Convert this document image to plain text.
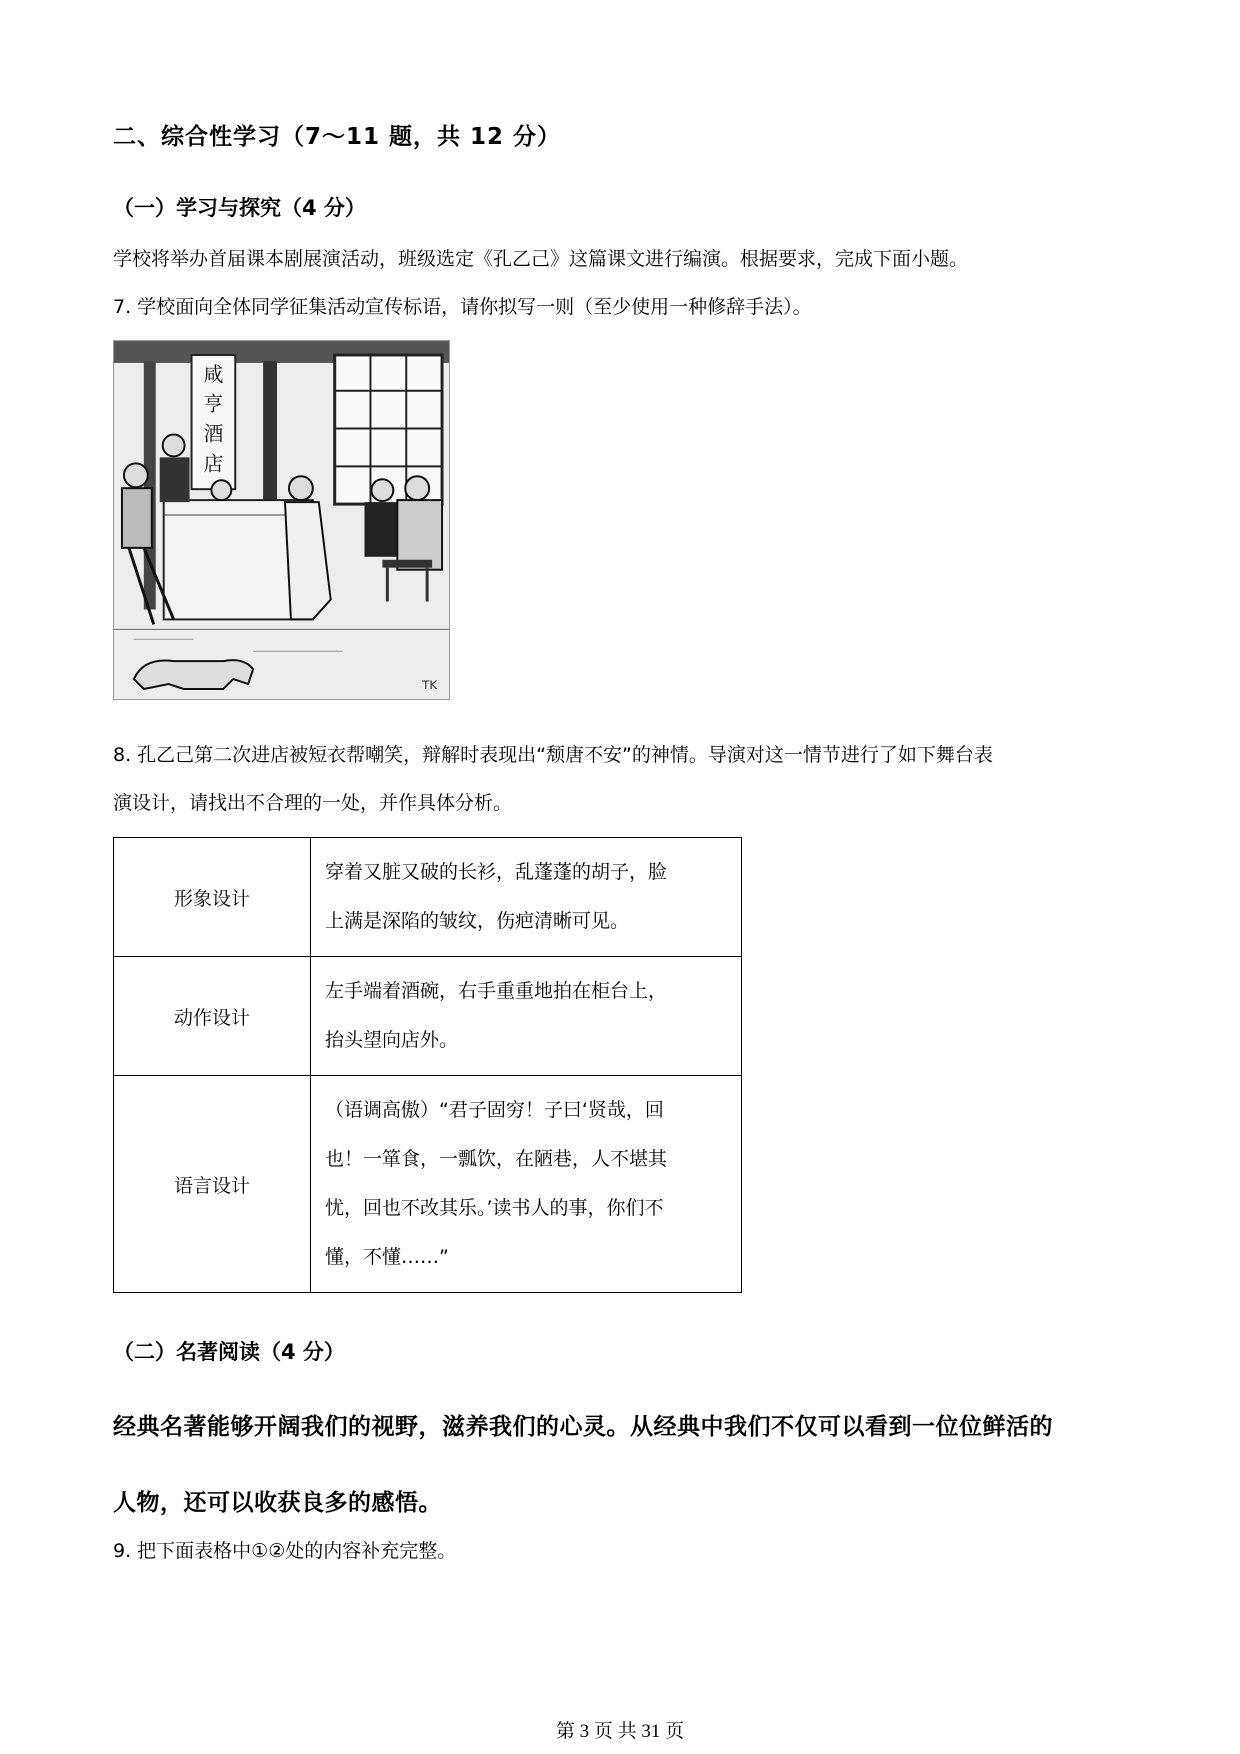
二、综合性学习（7～11 题，共 12 分）
（一）学习与探究（4 分）
学校将举办首届课本剧展演活动，班级选定《孔乙己》这篇课文进行编演。根据要求，完成下面小题。
7. 学校面向全体同学征集活动宣传标语，请你拟写一则（至少使用一种修辞手法）。
咸
亨
酒
店
TK
8. 孔乙己第二次进店被短衣帮嘲笑，辩解时表现出“颓唐不安”的神情。导演对这一情节进行了如下舞台表
演设计，请找出不合理的一处，并作具体分析。
形象设计	穿着又脏又破的长衫，乱蓬蓬的胡子，脸
上满是深陷的皱纹，伤疤清晰可见。

动作设计	左手端着酒碗，右手重重地拍在柜台上，
抬头望向店外。

语言设计	（语调高傲）“君子固穷！子曰‘贤哉，回
也！一箪食，一瓢饮，在陋巷，人不堪其
忧，回也不改其乐。’读书人的事，你们不
懂，不懂……”
（二）名著阅读（4 分）
经典名著能够开阔我们的视野，滋养我们的心灵。从经典中我们不仅可以看到一位位鲜活的
人物，还可以收获良多的感悟。
9. 把下面表格中①②处的内容补充完整。
第 3 页 共 31 页
